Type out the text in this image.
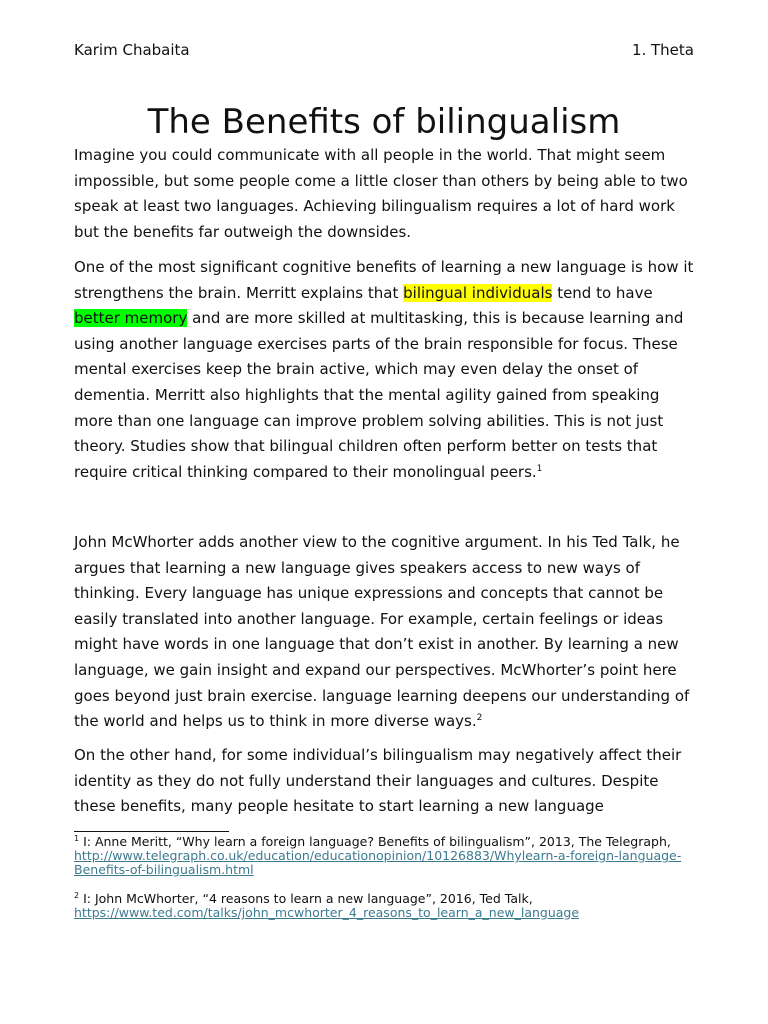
Karim Chabaita	1. Theta
The Benefits of bilingualism

Imagine you could communicate with all people in the world. That might seem impossible, but some people come a little closer than others by being able to two speak at least two languages. Achieving bilingualism requires a lot of hard work but the benefits far outweigh the downsides.

One of the most significant cognitive benefits of learning a new language is how it strengthens the brain. Merritt explains that bilingual individuals tend to have better memory and are more skilled at multitasking, this is because learning and using another language exercises parts of the brain responsible for focus. These mental exercises keep the brain active, which may even delay the onset of dementia. Merritt also highlights that the mental agility gained from speaking more than one language can improve problem solving abilities. This is not just theory. Studies show that bilingual children often perform better on tests that require critical thinking compared to their monolingual peers.$^1$

John McWhorter adds another view to the cognitive argument. In his Ted Talk, he argues that learning a new language gives speakers access to new ways of thinking. Every language has unique expressions and concepts that cannot be easily translated into another language. For example, certain feelings or ideas might have words in one language that don’t exist in another. By learning a new language, we gain insight and expand our perspectives. McWhorter’s point here goes beyond just brain exercise. language learning deepens our understanding of the world and helps us to think in more diverse ways.$^2$

On the other hand, for some individual’s bilingualism may negatively affect their identity as they do not fully understand their languages and cultures. Despite these benefits, many people hesitate to start learning a new language

$^1$ I: Anne Meritt, “Why learn a foreign language? Benefits of bilingualism”, 2013, The Telegraph, http://www.telegraph.co.uk/education/educationopinion/10126883/Whylearn-a-foreign-language-Benefits-of-bilingualism.html
$^2$ I: John McWhorter, “4 reasons to learn a new language”, 2016, Ted Talk, https://www.ted.com/talks/john_mcwhorter_4_reasons_to_learn_a_new_language
